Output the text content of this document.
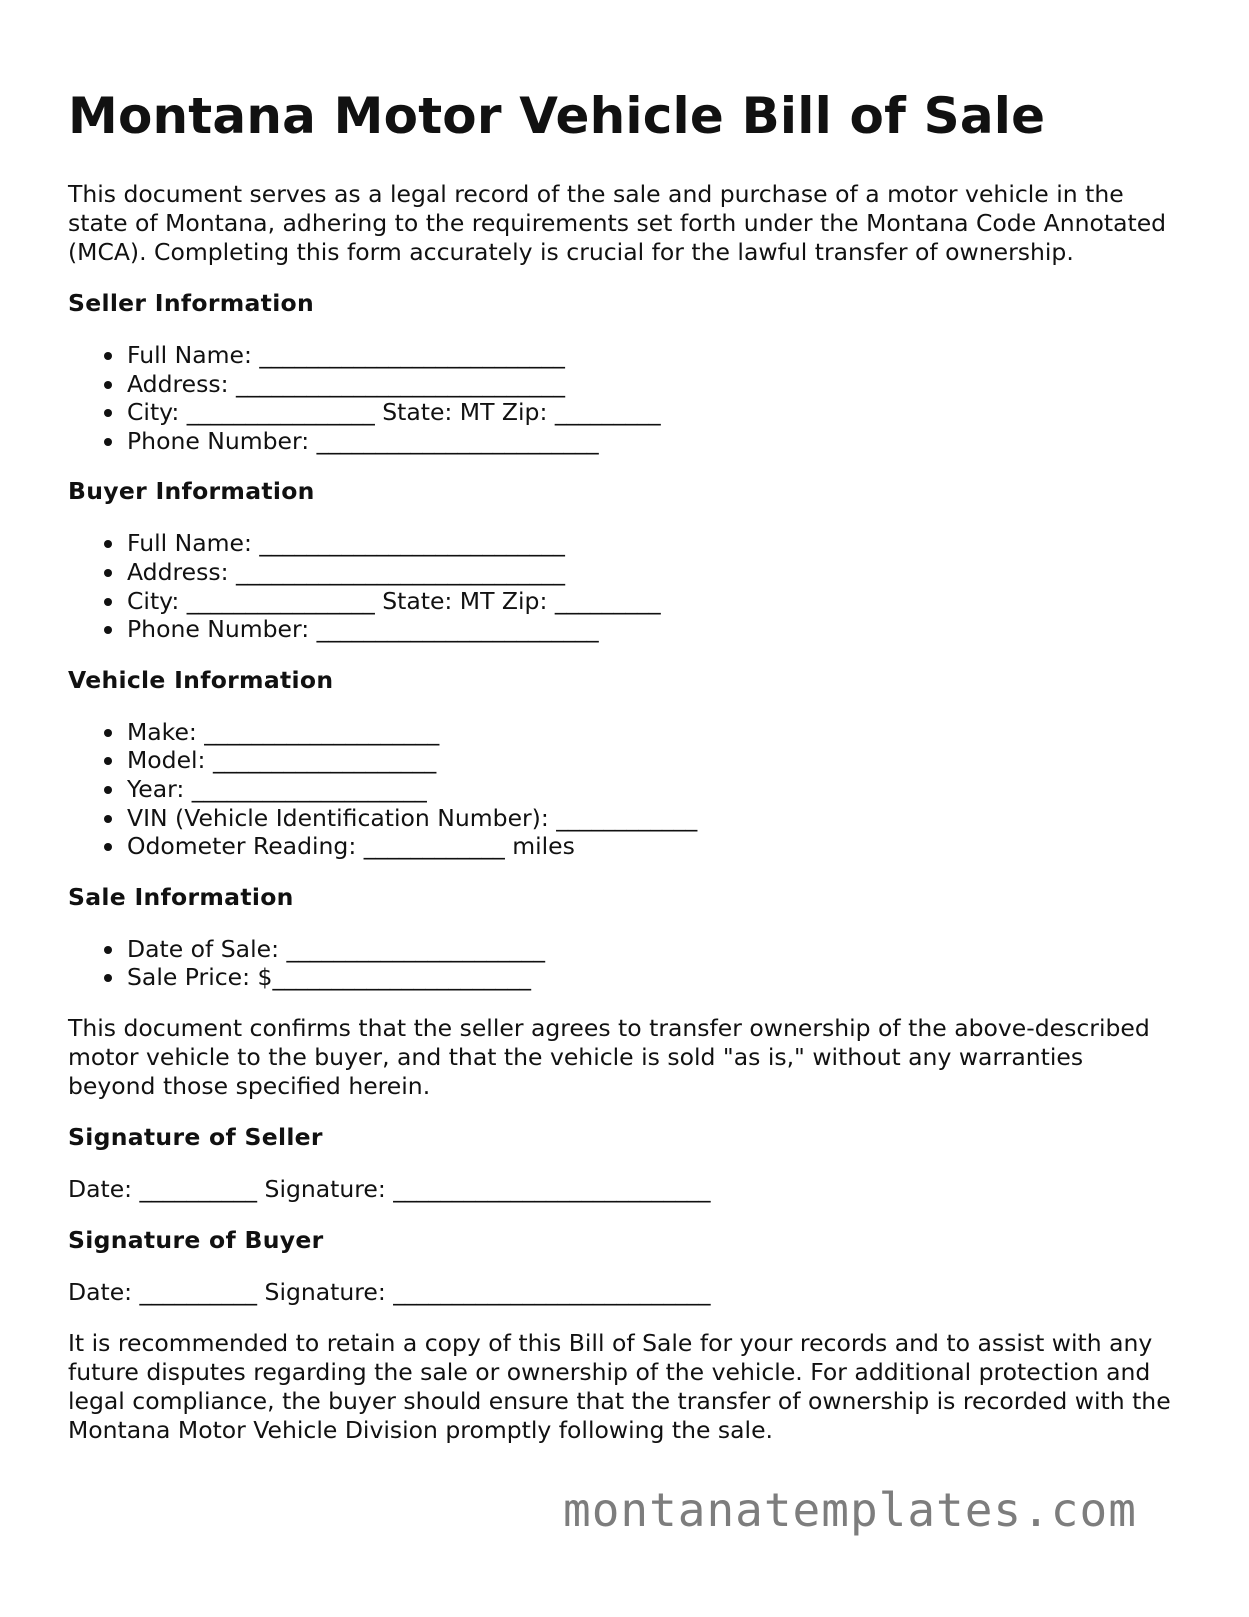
Montana Motor Vehicle Bill of Sale

This document serves as a legal record of the sale and purchase of a motor vehicle in the state of Montana, adhering to the requirements set forth under the Montana Code Annotated (MCA). Completing this form accurately is crucial for the lawful transfer of ownership.

Seller Information
Full Name: __________________________
Address: ____________________________
City: ________________ State: MT Zip: _________
Phone Number: ________________________
Buyer Information
Full Name: __________________________
Address: ____________________________
City: ________________ State: MT Zip: _________
Phone Number: ________________________
Vehicle Information
Make: ____________________
Model: ___________________
Year: ____________________
VIN (Vehicle Identification Number): ____________
Odometer Reading: ____________ miles
Sale Information
Date of Sale: ______________________
Sale Price: $______________________

This document confirms that the seller agrees to transfer ownership of the above-described motor vehicle to the buyer, and that the vehicle is sold "as is," without any warranties beyond those specified herein.

Signature of Seller
Date: __________ Signature: ___________________________
Signature of Buyer
Date: __________ Signature: ___________________________

It is recommended to retain a copy of this Bill of Sale for your records and to assist with any future disputes regarding the sale or ownership of the vehicle. For additional protection and legal compliance, the buyer should ensure that the transfer of ownership is recorded with the Montana Motor Vehicle Division promptly following the sale.

montanatemplates.com
